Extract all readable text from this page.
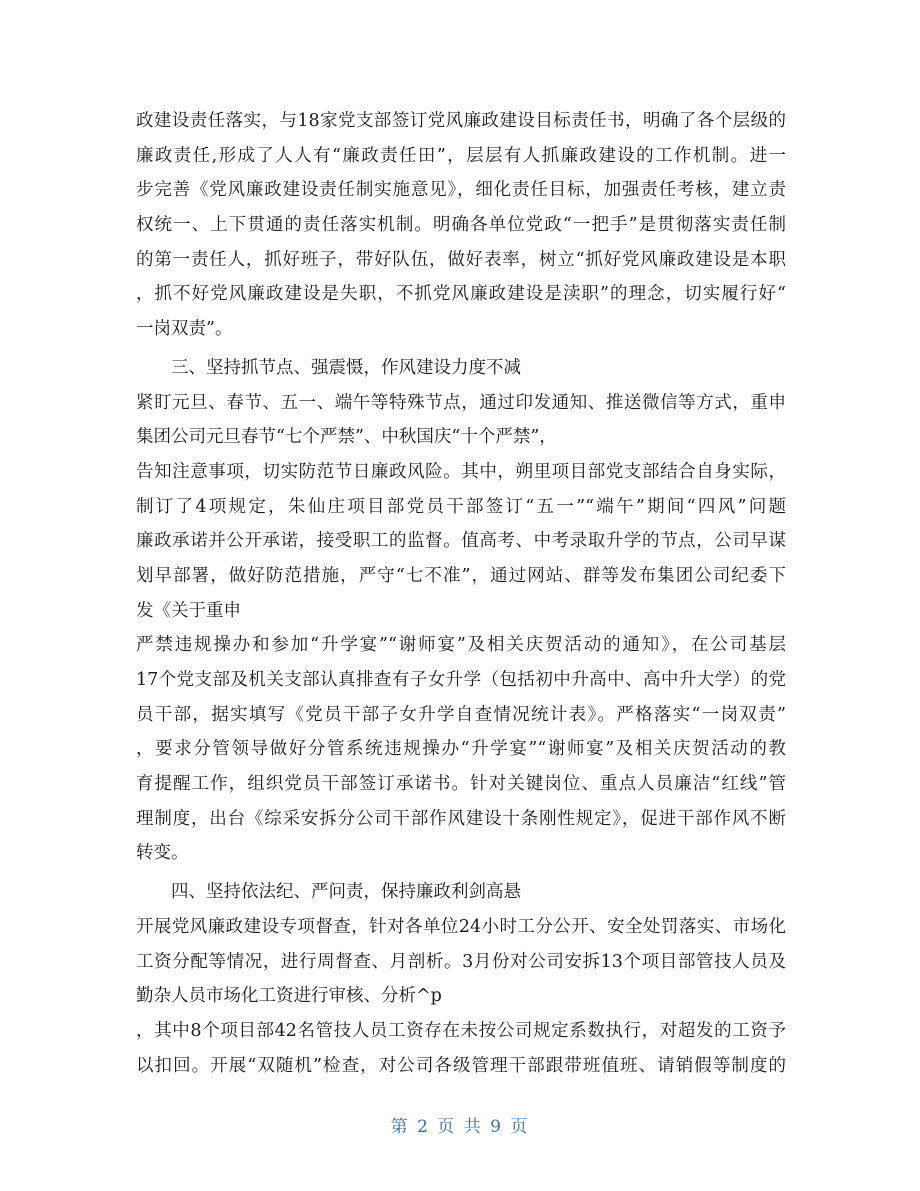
政建设责任落实，与18家党支部签订党风廉政建设目标责任书，明确了各个层级的
廉政责任,形成了人人有“廉政责任田”，层层有人抓廉政建设的工作机制。进一
步完善《党风廉政建设责任制实施意见》，细化责任目标，加强责任考核，建立责
权统一、上下贯通的责任落实机制。明确各单位党政“一把手”是贯彻落实责任制
的第一责任人，抓好班子，带好队伍，做好表率，树立“抓好党风廉政建设是本职
，抓不好党风廉政建设是失职，不抓党风廉政建设是渎职”的理念，切实履行好“
一岗双责”。
三、坚持抓节点、强震慑，作风建设力度不减
紧盯元旦、春节、五一、端午等特殊节点，通过印发通知、推送微信等方式，重申
集团公司元旦春节“七个严禁”、中秋国庆“十个严禁”，
告知注意事项，切实防范节日廉政风险。其中，朔里项目部党支部结合自身实际，
制订了4项规定，朱仙庄项目部党员干部签订“五一”“端午”期间“四风”问题
廉政承诺并公开承诺，接受职工的监督。值高考、中考录取升学的节点，公司早谋
划早部署，做好防范措施，严守“七不准”，通过网站、群等发布集团公司纪委下
发《关于重申
严禁违规操办和参加“升学宴”“谢师宴”及相关庆贺活动的通知》，在公司基层
17个党支部及机关支部认真排查有子女升学（包括初中升高中、高中升大学）的党
员干部，据实填写《党员干部子女升学自查情况统计表》。严格落实“一岗双责”
，要求分管领导做好分管系统违规操办“升学宴”“谢师宴”及相关庆贺活动的教
育提醒工作，组织党员干部签订承诺书。针对关键岗位、重点人员廉洁“红线”管
理制度，出台《综采安拆分公司干部作风建设十条刚性规定》，促进干部作风不断
转变。
四、坚持依法纪、严问责，保持廉政利剑高悬
开展党风廉政建设专项督查，针对各单位24小时工分公开、安全处罚落实、市场化
工资分配等情况，进行周督查、月剖析。3月份对公司安拆13个项目部管技人员及
勤杂人员市场化工资进行审核、分析^p
，其中8个项目部42名管技人员工资存在未按公司规定系数执行，对超发的工资予
以扣回。开展“双随机”检查，对公司各级管理干部跟带班值班、请销假等制度的
第 2 页 共 9 页
